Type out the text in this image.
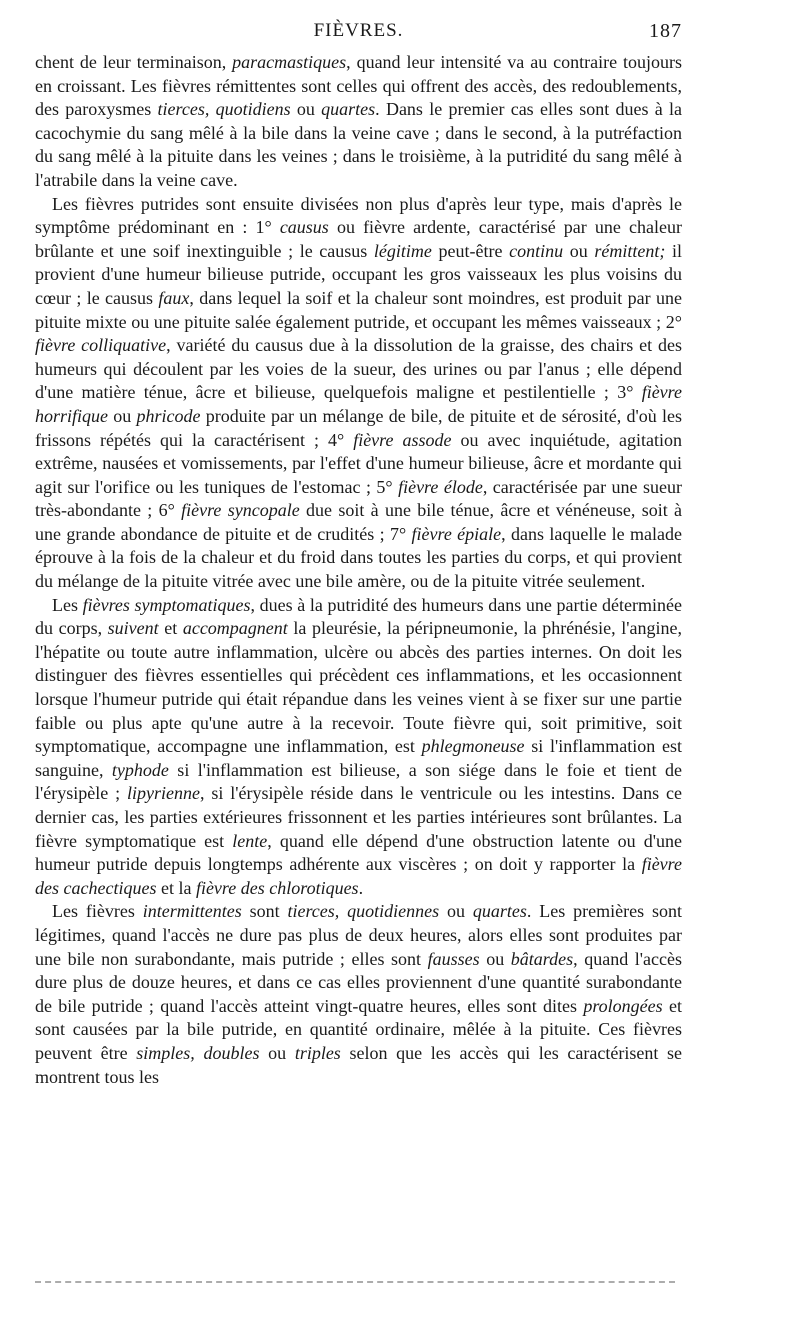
FIÈVRES.	187

chent de leur terminaison, paracmastiques, quand leur intensité va au contraire toujours en croissant. Les fièvres rémittentes sont celles qui offrent des accès, des redoublements, des paroxysmes tierces, quotidiens ou quartes. Dans le premier cas elles sont dues à la cacochymie du sang mêlé à la bile dans la veine cave ; dans le second, à la putréfaction du sang mêlé à la pituite dans les veines ; dans le troisième, à la putridité du sang mêlé à l'atrabile dans la veine cave.

Les fièvres putrides sont ensuite divisées non plus d'après leur type, mais d'après le symptôme prédominant en : 1° causus ou fièvre ardente, caractérisé par une chaleur brûlante et une soif inextinguible ; le causus légitime peut-être continu ou rémittent; il provient d'une humeur bilieuse putride, occupant les gros vaisseaux les plus voisins du cœur ; le causus faux, dans lequel la soif et la chaleur sont moindres, est produit par une pituite mixte ou une pituite salée également putride, et occupant les mêmes vaisseaux ; 2° fièvre colliquative, variété du causus due à la dissolution de la graisse, des chairs et des humeurs qui découlent par les voies de la sueur, des urines ou par l'anus ; elle dépend d'une matière ténue, âcre et bilieuse, quelquefois maligne et pestilentielle ; 3° fièvre horrifique ou phricode produite par un mélange de bile, de pituite et de sérosité, d'où les frissons répétés qui la caractérisent ; 4° fièvre assode ou avec inquiétude, agitation extrême, nausées et vomissements, par l'effet d'une humeur bilieuse, âcre et mordante qui agit sur l'orifice ou les tuniques de l'estomac ; 5° fièvre élode, caractérisée par une sueur très-abondante ; 6° fièvre syncopale due soit à une bile ténue, âcre et vénéneuse, soit à une grande abondance de pituite et de crudités ; 7° fièvre épiale, dans laquelle le malade éprouve à la fois de la chaleur et du froid dans toutes les parties du corps, et qui provient du mélange de la pituite vitrée avec une bile amère, ou de la pituite vitrée seulement.

Les fièvres symptomatiques, dues à la putridité des humeurs dans une partie déterminée du corps, suivent et accompagnent la pleurésie, la péripneumonie, la phrénésie, l'angine, l'hépatite ou toute autre inflammation, ulcère ou abcès des parties internes. On doit les distinguer des fièvres essentielles qui précèdent ces inflammations, et les occasionnent lorsque l'humeur putride qui était répandue dans les veines vient à se fixer sur une partie faible ou plus apte qu'une autre à la recevoir. Toute fièvre qui, soit primitive, soit symptomatique, accompagne une inflammation, est phlegmoneuse si l'inflammation est sanguine, typhode si l'inflammation est bilieuse, a son siége dans le foie et tient de l'érysipèle ; lipyrienne, si l'érysipèle réside dans le ventricule ou les intestins. Dans ce dernier cas, les parties extérieures frissonnent et les parties intérieures sont brûlantes. La fièvre symptomatique est lente, quand elle dépend d'une obstruction latente ou d'une humeur putride depuis longtemps adhérente aux viscères ; on doit y rapporter la fièvre des cachectiques et la fièvre des chlorotiques.

Les fièvres intermittentes sont tierces, quotidiennes ou quartes. Les premières sont légitimes, quand l'accès ne dure pas plus de deux heures, alors elles sont produites par une bile non surabondante, mais putride ; elles sont fausses ou bâtardes, quand l'accès dure plus de douze heures, et dans ce cas elles proviennent d'une quantité surabondante de bile putride ; quand l'accès atteint vingt-quatre heures, elles sont dites prolongées et sont causées par la bile putride, en quantité ordinaire, mêlée à la pituite. Ces fièvres peuvent être simples, doubles ou triples selon que les accès qui les caractérisent se montrent tous les
